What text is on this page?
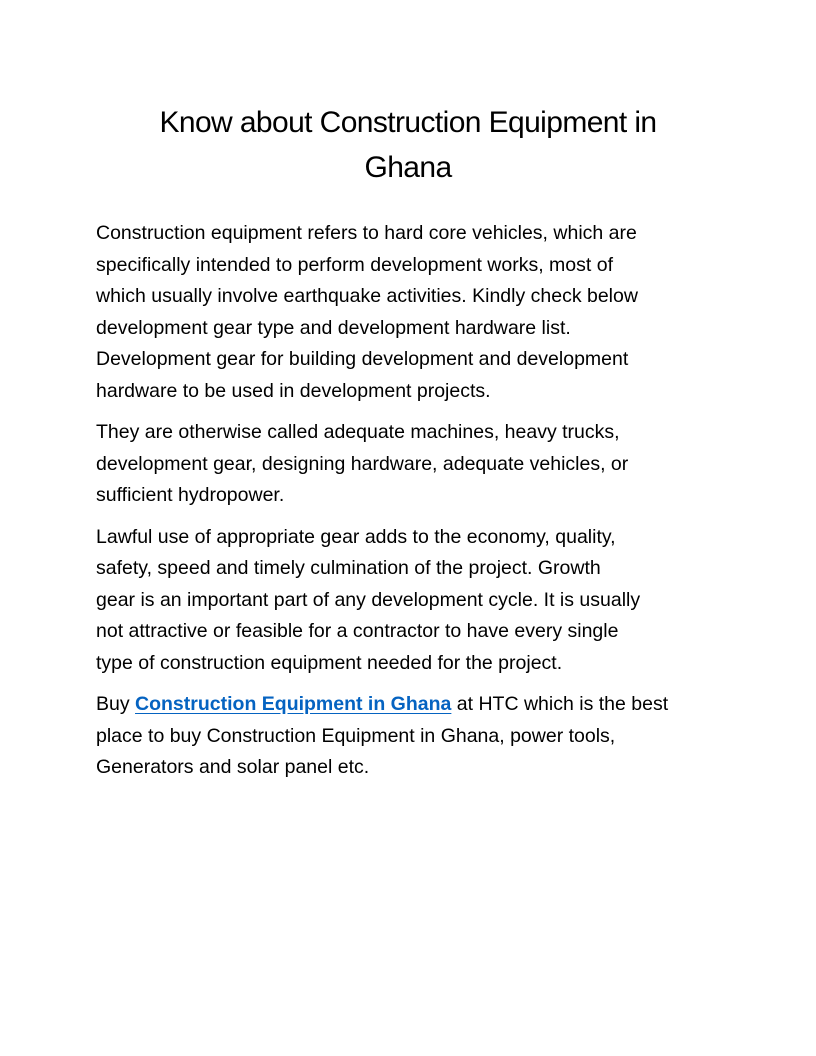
Know about Construction Equipment in
Ghana

Construction equipment refers to hard core vehicles, which are
specifically intended to perform development works, most of
which usually involve earthquake activities. Kindly check below
development gear type and development hardware list.
Development gear for building development and development
hardware to be used in development projects.

They are otherwise called adequate machines, heavy trucks,
development gear, designing hardware, adequate vehicles, or
sufficient hydropower.

Lawful use of appropriate gear adds to the economy, quality,
safety, speed and timely culmination of the project. Growth
gear is an important part of any development cycle. It is usually
not attractive or feasible for a contractor to have every single
type of construction equipment needed for the project.

Buy Construction Equipment in Ghana at HTC which is the best
place to buy Construction Equipment in Ghana, power tools,
Generators and solar panel etc.
